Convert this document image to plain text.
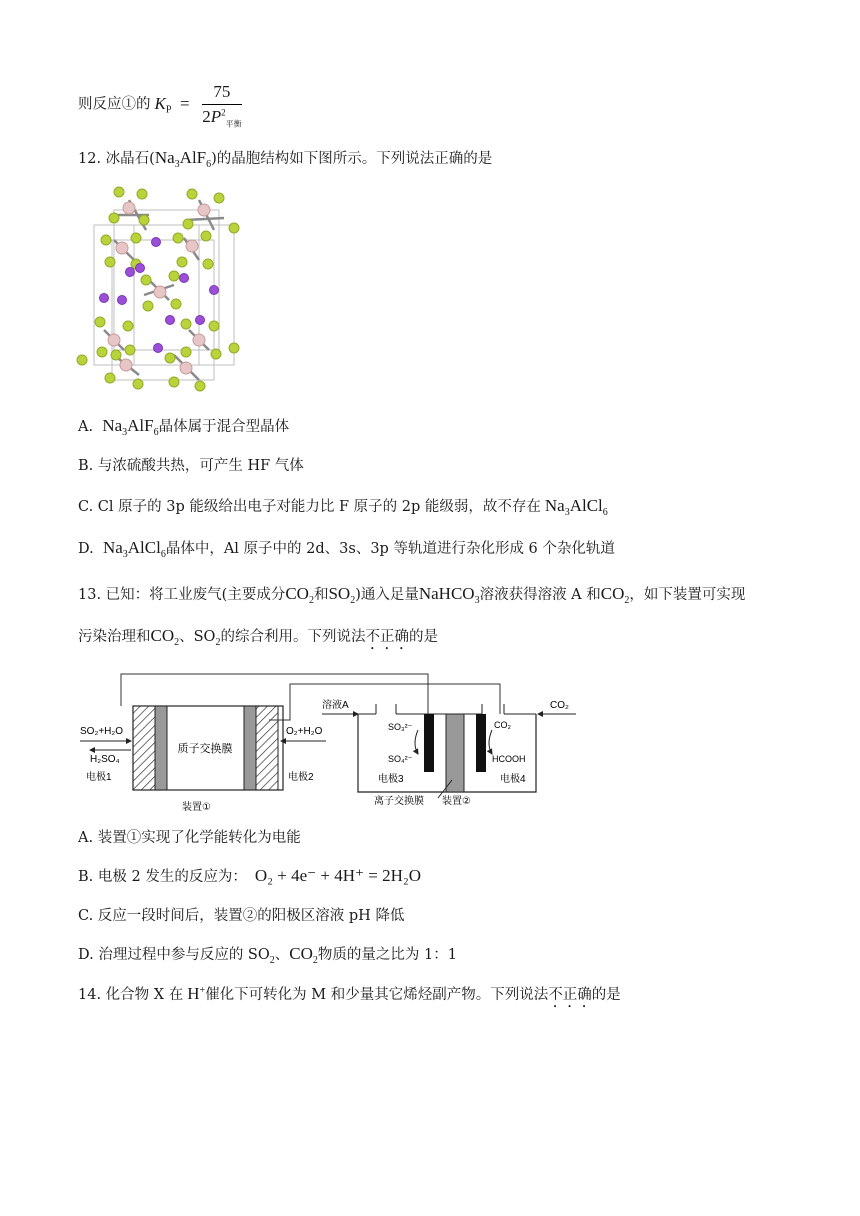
则反应①的 $K_P = \frac{75}{2P^2_{平衡}}$
12. 冰晶石$(Na_3AlF_6)$的晶胞结构如下图所示。下列说法正确的是
A. $Na_3AlF_6$晶体属于混合型晶体
B. 与浓硫酸共热，可产生 HF 气体
C. Cl 原子的 3p 能级给出电子对能力比 F 原子的 2p 能级弱，故不存在 $Na_3AlCl_6$
D. $Na_3AlCl_6$晶体中，Al 原子中的 2d、3s、3p 等轨道进行杂化形成 6 个杂化轨道
13. 已知：将工业废气(主要成分$CO_2$和$SO_2$)通入足量NaHCO$_3$溶液获得溶液 A 和$CO_2$，如下装置可实现
污染治理和$CO_2$、$SO_2$的综合利用。下列说法不正确的是
质子交换膜
SO₂+H₂O
H₂SO₄
电极1
O₂+H₂O
电极2
装置①
溶液A	CO₂
SO₃²⁻
SO₄²⁻
电极3
CO₂
HCOOH
电极4
离子交换膜 装置②
A. 装置①实现了化学能转化为电能
B. 电极 2 发生的反应为： O₂ + 4e⁻ + 4H⁺ = 2H₂O
C. 反应一段时间后，装置②的阳极区溶液 pH 降低
D. 治理过程中参与反应的 $SO_2$、$CO_2$物质的量之比为 1：1
14. 化合物 X 在 H+催化下可转化为 M 和少量其它烯烃副产物。下列说法不正确的是
